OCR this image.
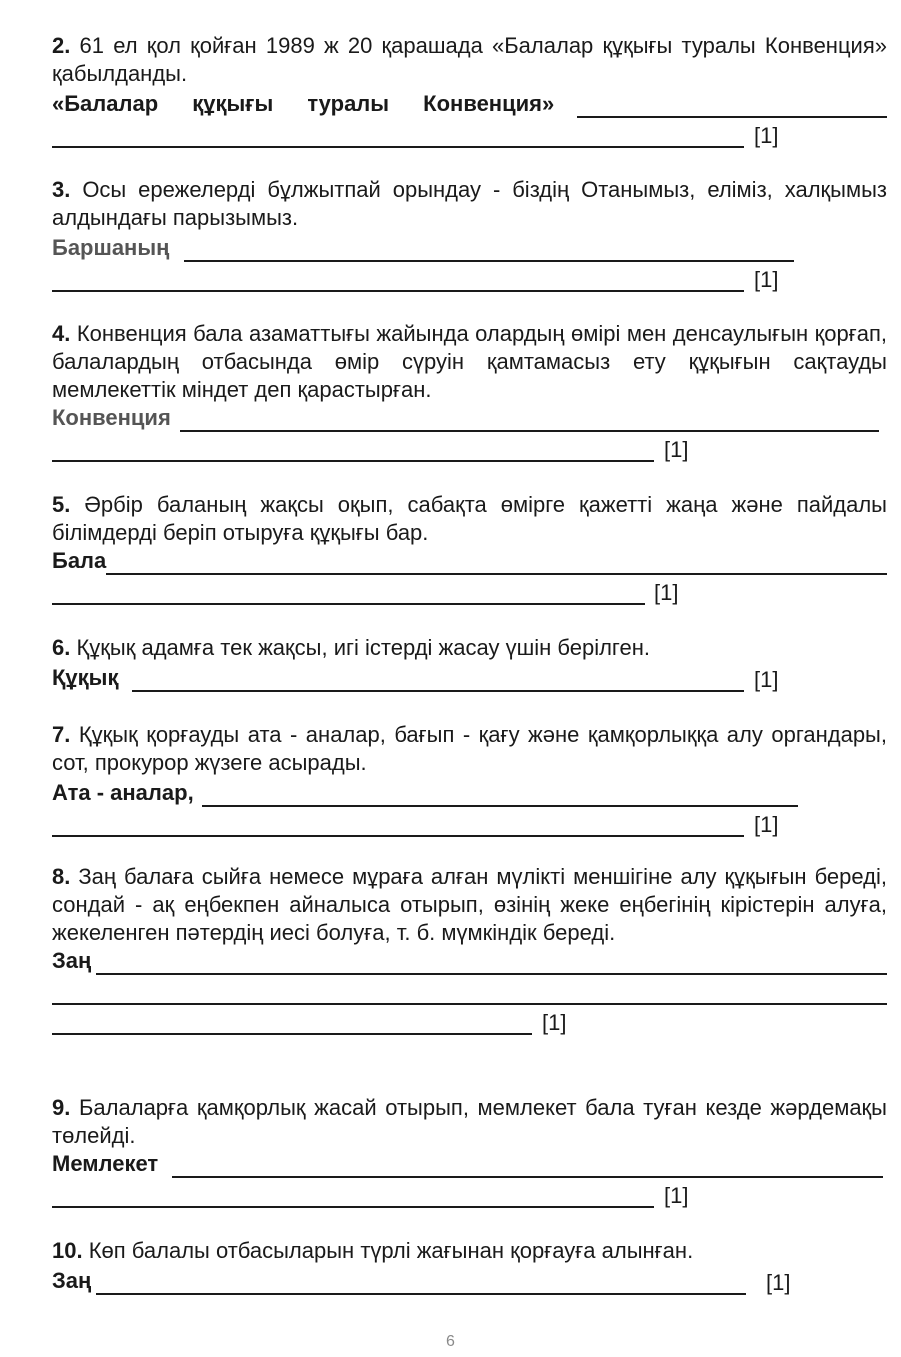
2. 61 ел қол қойған 1989 ж 20 қарашада «Балалар құқығы туралы Конвенция» қабылданды.

«Балалар құқығы туралы Конвенция»
[1]

3. Осы ережелерді бұлжытпай орындау - біздің Отанымыз, еліміз, халқымыз алдындағы парызымыз.

Баршаның
[1]

4. Конвенция бала азаматтығы жайында олардың өмірі мен денсаулығын қорғап, балалардың отбасында өмір сүруін қамтамасыз ету құқығын сақтауды мемлекеттік міндет деп қарастырған.

Конвенция
[1]

5. Әрбір баланың жақсы оқып, сабақта өмірге қажетті жаңа және пайдалы білімдерді беріп отыруға құқығы бар.

Бала
[1]

6. Құқық адамға тек жақсы, игі істерді жасау үшін берілген.

Құқық	[1]

7. Құқық қорғауды ата - аналар, бағып - қағу және қамқорлыққа алу органдары, сот, прокурор жүзеге асырады.

Ата - аналар,
[1]

8. Заң балаға сыйға немесе мұраға алған мүлікті меншігіне алу құқығын береді, сондай - ақ еңбекпен айналыса отырып, өзінің жеке еңбегінің кірістерін алуға, жекеленген пәтердің иесі болуға, т. б. мүмкіндік береді.

Заң
[1]

9. Балаларға қамқорлық жасай отырып, мемлекет бала туған кезде жәрдемақы төлейді.

Мемлекет
[1]

10. Көп балалы отбасыларын түрлі жағынан қорғауға алынған.

Заң	[1]
6
